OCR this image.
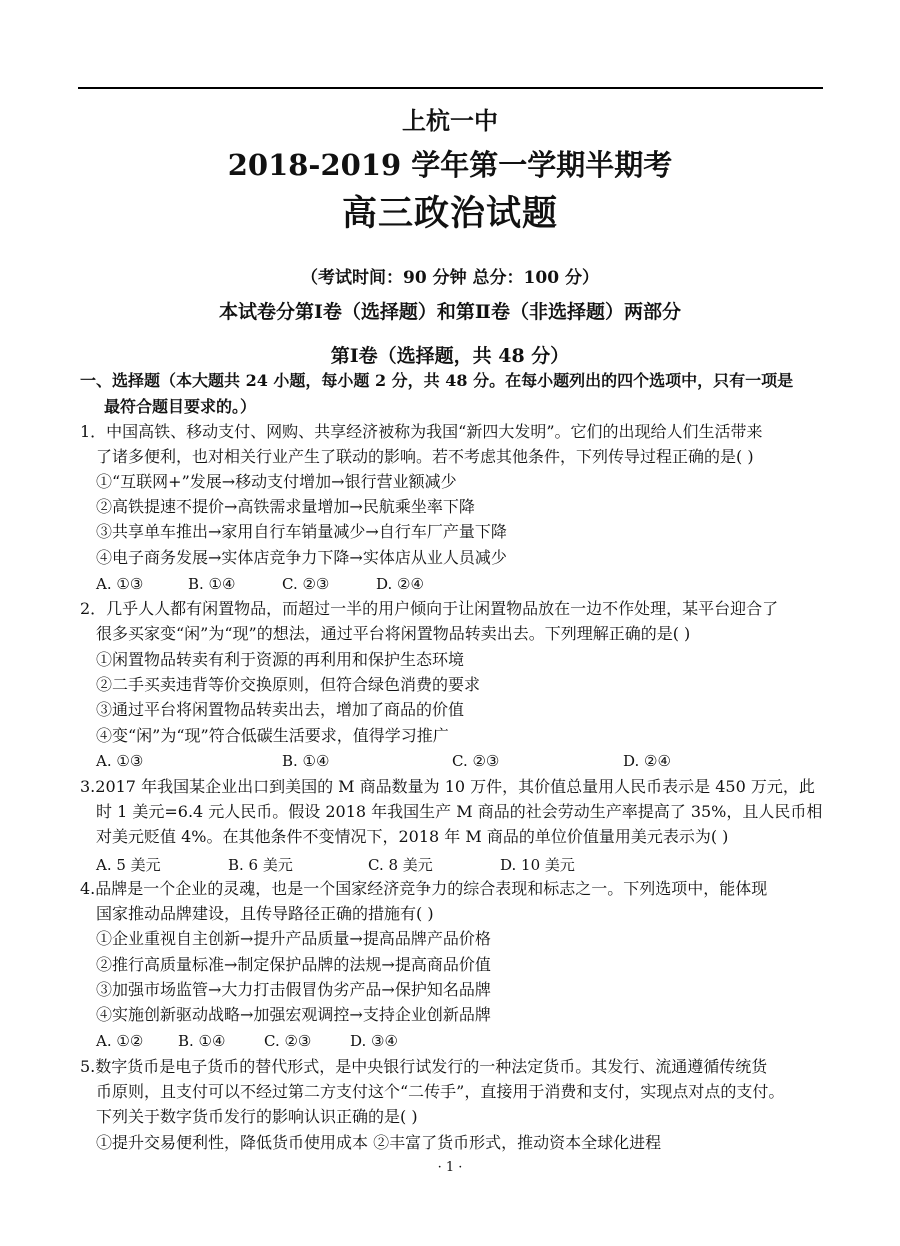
上杭一中
2018-2019 学年第一学期半期考
高三政治试题
（考试时间：90 分钟 总分：100 分）
本试卷分第Ⅰ卷（选择题）和第Ⅱ卷（非选择题）两部分
第Ⅰ卷（选择题，共 48 分）
一、选择题（本大题共 24 小题，每小题 2 分，共 48 分。在每小题列出的四个选项中，只有一项是
最符合题目要求的。）
1．中国高铁、移动支付、网购、共享经济被称为我国“新四大发明”。它们的出现给人们生活带来
了诸多便利，也对相关行业产生了联动的影响。若不考虑其他条件，下列传导过程正确的是( )
①“互联网+”发展→移动支付增加→银行营业额减少
②高铁提速不提价→高铁需求量增加→民航乘坐率下降
③共享单车推出→家用自行车销量减少→自行车厂产量下降
④电子商务发展→实体店竞争力下降→实体店从业人员减少
A. ①③	B. ①④	C. ②③	D. ②④
2．几乎人人都有闲置物品，而超过一半的用户倾向于让闲置物品放在一边不作处理，某平台迎合了
很多买家变“闲”为“现”的想法，通过平台将闲置物品转卖出去。下列理解正确的是( )
①闲置物品转卖有利于资源的再利用和保护生态环境
②二手买卖违背等价交换原则，但符合绿色消费的要求
③通过平台将闲置物品转卖出去，增加了商品的价值
④变“闲”为“现”符合低碳生活要求，值得学习推广
A. ①③	B. ①④	C. ②③	D. ②④
3.2017 年我国某企业出口到美国的 M 商品数量为 10 万件，其价值总量用人民币表示是 450 万元，此
时 1 美元=6.4 元人民币。假设 2018 年我国生产 M 商品的社会劳动生产率提高了 35%，且人民币相
对美元贬值 4%。在其他条件不变情况下，2018 年 M 商品的单位价值量用美元表示为( )
A. 5 美元	B. 6 美元	C. 8 美元	D. 10 美元
4.品牌是一个企业的灵魂，也是一个国家经济竞争力的综合表现和标志之一。下列选项中，能体现
国家推动品牌建设，且传导路径正确的措施有( )
①企业重视自主创新→提升产品质量→提高品牌产品价格
②推行高质量标准→制定保护品牌的法规→提高商品价值
③加强市场监管→大力打击假冒伪劣产品→保护知名品牌
④实施创新驱动战略→加强宏观调控→支持企业创新品牌
A. ①② B. ①④	C. ②③	D. ③④
5.数字货币是电子货币的替代形式，是中央银行试发行的一种法定货币。其发行、流通遵循传统货
币原则，且支付可以不经过第二方支付这个“二传手”，直接用于消费和支付，实现点对点的支付。
下列关于数字货币发行的影响认识正确的是( )
①提升交易便利性，降低货币使用成本 ②丰富了货币形式，推动资本全球化进程
· 1 ·
